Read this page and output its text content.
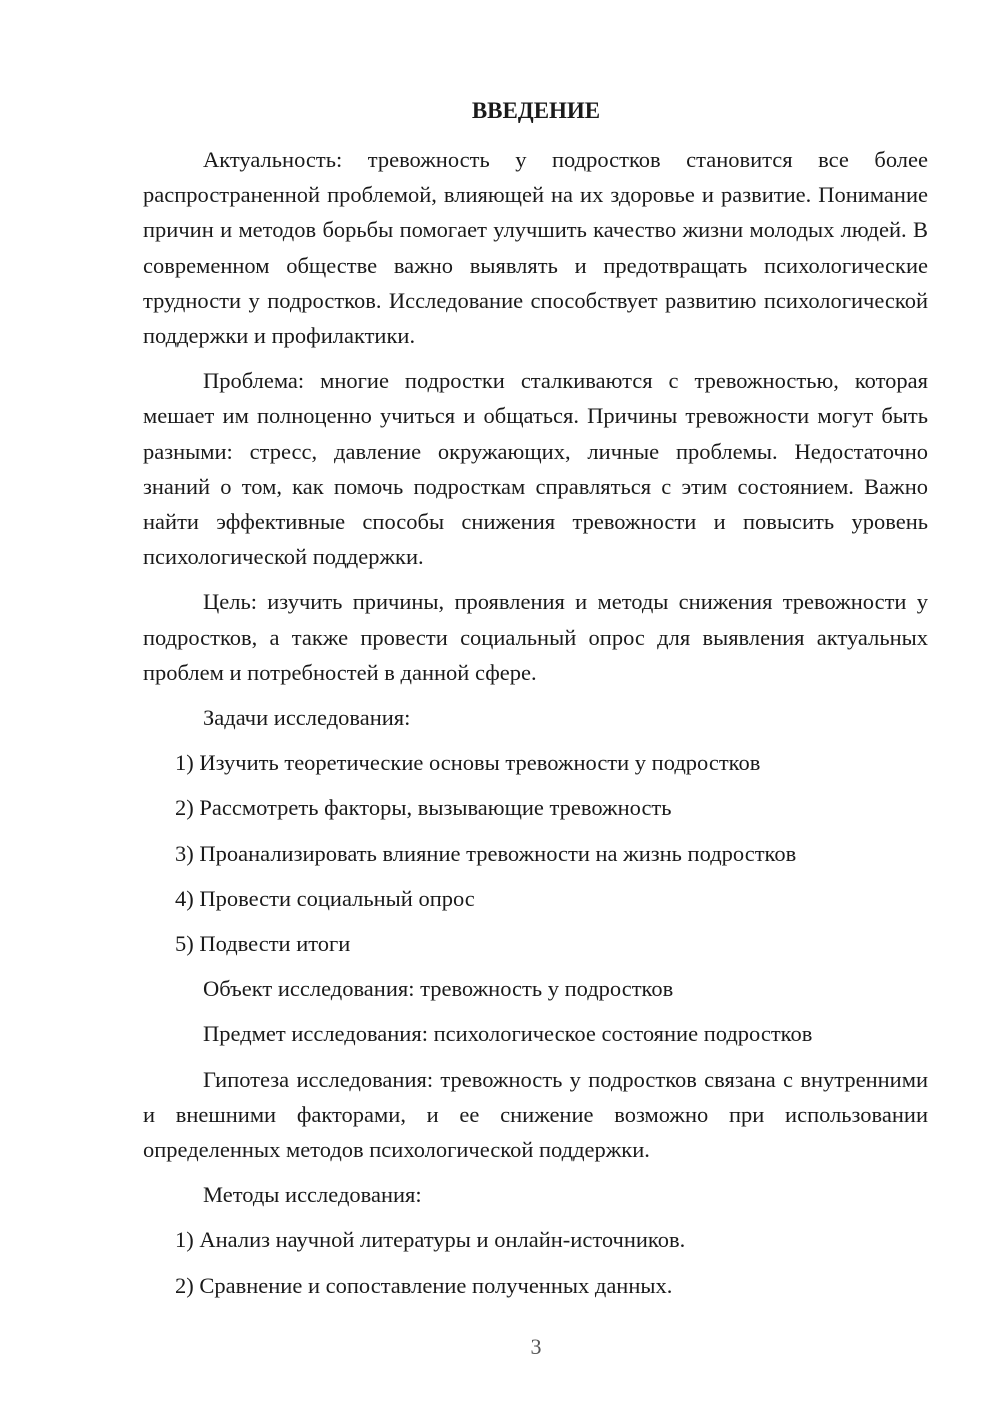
ВВЕДЕНИЕ

Актуальность: тревожность у подростков становится все более распространенной проблемой, влияющей на их здоровье и развитие. Понимание причин и методов борьбы помогает улучшить качество жизни молодых людей. В современном обществе важно выявлять и предотвращать психологические трудности у подростков. Исследование способствует развитию психологической поддержки и профилактики.

Проблема: многие подростки сталкиваются с тревожностью, которая мешает им полноценно учиться и общаться. Причины тревожности могут быть разными: стресс, давление окружающих, личные проблемы. Недостаточно знаний о том, как помочь подросткам справляться с этим состоянием. Важно найти эффективные способы снижения тревожности и повысить уровень психологической поддержки.

Цель: изучить причины, проявления и методы снижения тревожности у подростков, а также провести социальный опрос для выявления актуальных проблем и потребностей в данной сфере.

Задачи исследования:

1) Изучить теоретические основы тревожности у подростков
2) Рассмотреть факторы, вызывающие тревожность
3) Проанализировать влияние тревожности на жизнь подростков
4) Провести социальный опрос
5) Подвести итоги

Объект исследования: тревожность у подростков

Предмет исследования: психологическое состояние подростков

Гипотеза исследования: тревожность у подростков связана с внутренними и внешними факторами, и ее снижение возможно при использовании определенных методов психологической поддержки.

Методы исследования:

1) Анализ научной литературы и онлайн-источников.
2) Сравнение и сопоставление полученных данных.
3
